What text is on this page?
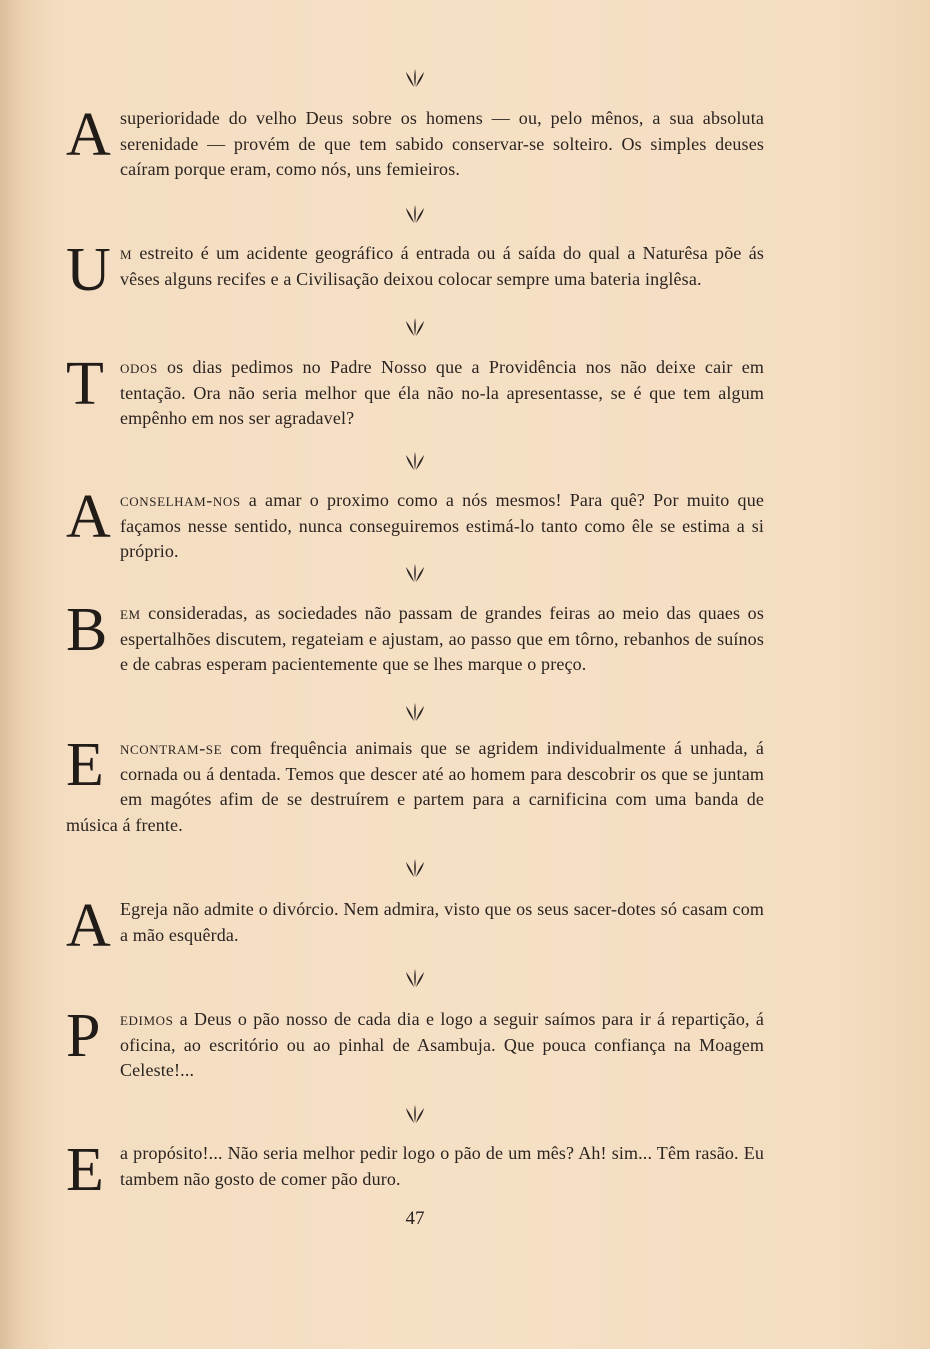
Asuperioridade do velho Deus sobre os homens — ou, pelo mênos, a sua absoluta serenidade — provém de que tem sabido conservar-se solteiro. Os simples deuses caíram porque eram, como nós, uns femieiros.
Um estreito é um acidente geográfico á entrada ou á saída do qual a Naturêsa põe ás vêses alguns recifes e a Civilisação deixou colocar sempre uma bateria inglêsa.
Todos os dias pedimos no Padre Nosso que a Providência nos não deixe cair em tentação. Ora não seria melhor que éla não no-la apresentasse, se é que tem algum empênho em nos ser agradavel?
Aconselham-nos a amar o proximo como a nós mesmos! Para quê? Por muito que façamos nesse sentido, nunca conseguiremos estimá-lo tanto como êle se estima a si próprio.
Bem consideradas, as sociedades não passam de grandes feiras ao meio das quaes os espertalhões discutem, regateiam e ajustam, ao passo que em tôrno, rebanhos de suínos e de cabras esperam pacientemente que se lhes marque o preço.
Encontram-se com frequência animais que se agridem individualmente á unhada, á cornada ou á dentada. Temos que descer até ao homem para descobrir os que se juntam em magótes afim de se destruírem e partem para a carnificina com uma banda de música á frente.
A Egreja não admite o divórcio. Nem admira, visto que os seus sacer-dotes só casam com a mão esquêrda.
P	edimos a Deus o pão nosso de cada dia e logo a seguir saímos para ir á repartição, á oficina, ao escritório ou ao pinhal de Asambuja. Que pouca confiança na Moagem Celeste!...
Ea propósito!... Não seria melhor pedir logo o pão de um mês? Ah! sim... Têm rasão. Eu tambem não gosto de comer pão duro.
47
